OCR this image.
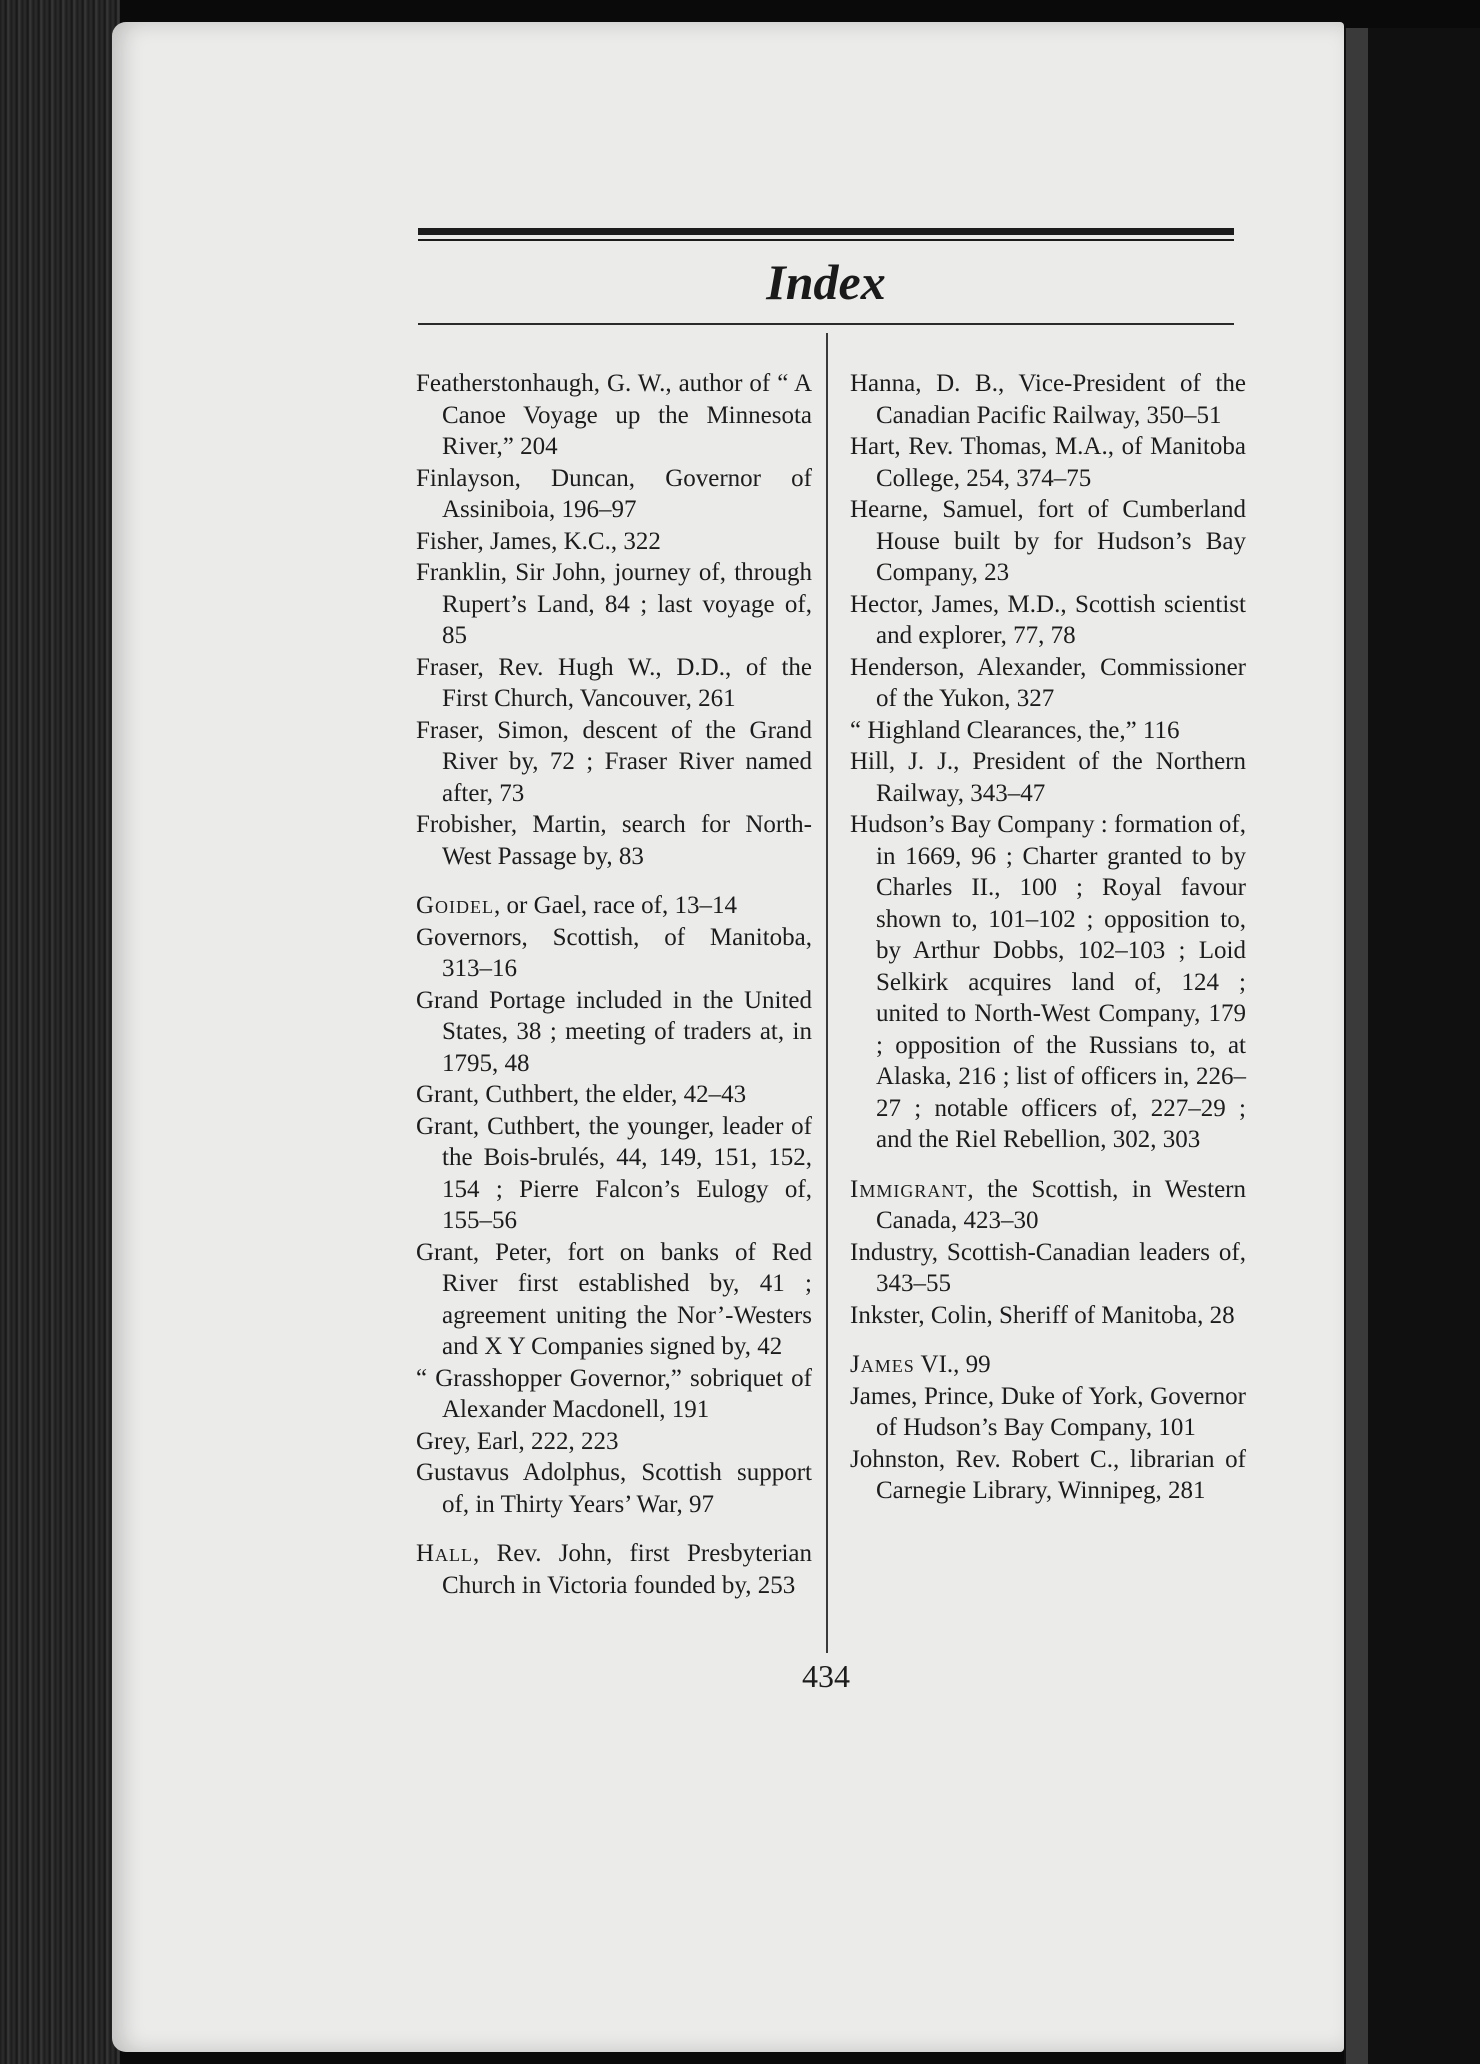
Index

Featherstonhaugh, G. W., author of “ A Canoe Voyage up the Minnesota River,” 204

Finlayson, Duncan, Governor of Assiniboia, 196–97

Fisher, James, K.C., 322

Franklin, Sir John, journey of, through Rupert’s Land, 84 ; last voyage of, 85

Fraser, Rev. Hugh W., D.D., of the First Church, Vancouver, 261

Fraser, Simon, descent of the Grand River by, 72 ; Fraser River named after, 73

Frobisher, Martin, search for North-West Passage by, 83

Goidel, or Gael, race of, 13–14

Governors, Scottish, of Manitoba, 313–16

Grand Portage included in the United States, 38 ; meeting of traders at, in 1795, 48

Grant, Cuthbert, the elder, 42–43

Grant, Cuthbert, the younger, leader of the Bois-brulés, 44, 149, 151, 152, 154 ; Pierre Falcon’s Eulogy of, 155–56

Grant, Peter, fort on banks of Red River first established by, 41 ; agreement uniting the Nor’-Westers and X Y Companies signed by, 42

“ Grasshopper Governor,” sobriquet of Alexander Macdonell, 191

Grey, Earl, 222, 223

Gustavus Adolphus, Scottish support of, in Thirty Years’ War, 97

Hall, Rev. John, first Presbyterian Church in Victoria founded by, 253

Hanna, D. B., Vice-President of the Canadian Pacific Railway, 350–51

Hart, Rev. Thomas, M.A., of Manitoba College, 254, 374–75

Hearne, Samuel, fort of Cumberland House built by for Hudson’s Bay Company, 23

Hector, James, M.D., Scottish scientist and explorer, 77, 78

Henderson, Alexander, Commissioner of the Yukon, 327

“ Highland Clearances, the,” 116

Hill, J. J., President of the Northern Railway, 343–47

Hudson’s Bay Company : formation of, in 1669, 96 ; Charter granted to by Charles II., 100 ; Royal favour shown to, 101–102 ; opposition to, by Arthur Dobbs, 102–103 ; Loid Selkirk acquires land of, 124 ; united to North-West Company, 179 ; opposition of the Russians to, at Alaska, 216 ; list of officers in, 226–27 ; notable officers of, 227–29 ; and the Riel Rebellion, 302, 303

Immigrant, the Scottish, in Western Canada, 423–30

Industry, Scottish-Canadian leaders of, 343–55

Inkster, Colin, Sheriff of Manitoba, 28

James VI., 99

James, Prince, Duke of York, Governor of Hudson’s Bay Company, 101

Johnston, Rev. Robert C., librarian of Carnegie Library, Winnipeg, 281

434
